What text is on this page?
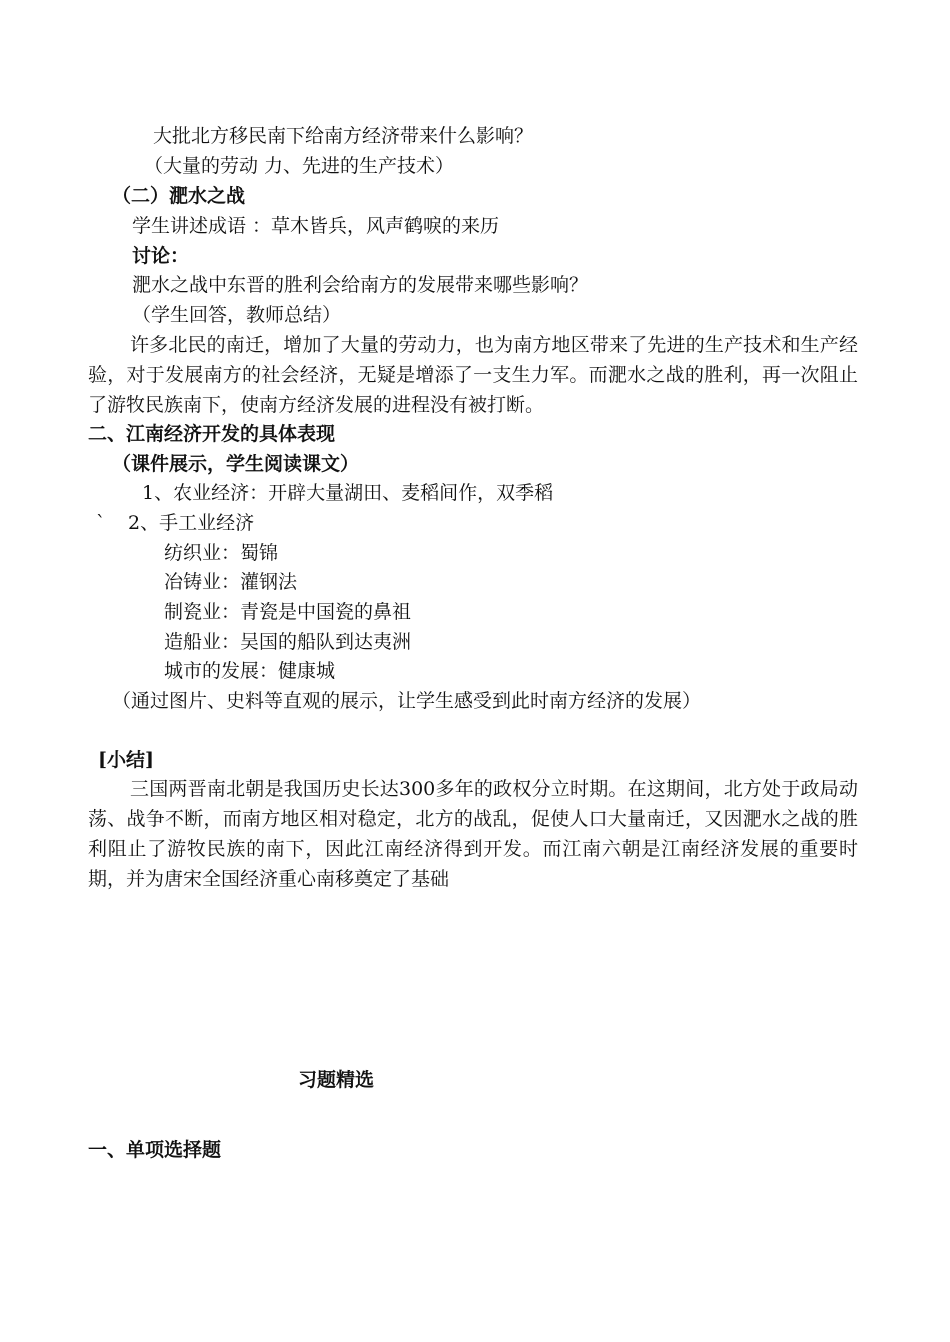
大批北方移民南下给南方经济带来什么影响？
（大量的劳动 力、先进的生产技术）
（二）淝水之战
学生讲述成语 ：草木皆兵，风声鹤唳的来历
讨论：
淝水之战中东晋的胜利会给南方的发展带来哪些影响？
（学生回答，教师总结）
许多北民的南迁，增加了大量的劳动力，也为南方地区带来了先进的生产技术和生产经验，对于发展南方的社会经济，无疑是增添了一支生力军。而淝水之战的胜利，再一次阻止了游牧民族南下，使南方经济发展的进程没有被打断。
二、江南经济开发的具体表现
（课件展示，学生阅读课文）
1、农业经济：开辟大量湖田、麦稻间作，双季稻
` 2、手工业经济
纺织业：蜀锦
冶铸业：灌钢法
制瓷业：青瓷是中国瓷的鼻祖
造船业：吴国的船队到达夷洲
城市的发展：健康城
（通过图片、史料等直观的展示，让学生感受到此时南方经济的发展）
[小结]
三国两晋南北朝是我国历史长达300多年的政权分立时期。在这期间，北方处于政局动荡、战争不断，而南方地区相对稳定，北方的战乱，促使人口大量南迁，又因淝水之战的胜利阻止了游牧民族的南下，因此江南经济得到开发。而江南六朝是江南经济发展的重要时期，并为唐宋全国经济重心南移奠定了基础
习题精选
一、单项选择题
